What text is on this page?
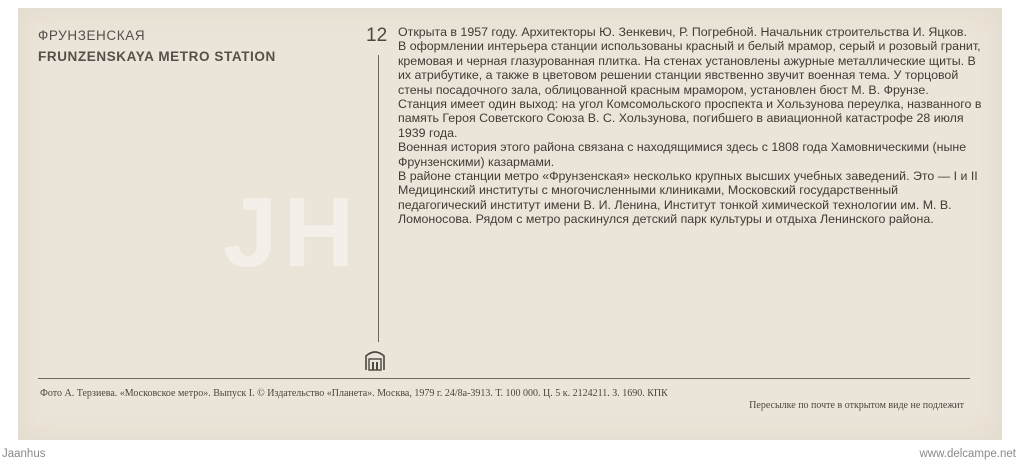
ФРУНЗЕНСКАЯ
FRUNZENSKAYA METRO STATION
12 Открыта в 1957 году. Архитекторы Ю. Зенкевич, Р. Погребной. Начальник строительства И. Яцков.

В оформлении интерьера станции использованы красный и белый мрамор, серый и розовый гранит, кремовая и черная глазурованная плитка. На стенах установлены ажурные металлические щиты. В их атрибутике, а также в цветовом решении станции явственно звучит военная тема. У торцовой стены посадочного зала, облицованной красным мрамором, установлен бюст М. В. Фрунзе.

Станция имеет один выход: на угол Комсомольского проспекта и Хользунова переулка, названного в память Героя Советского Союза В. С. Хользунова, погибшего в авиационной катастрофе 28 июля 1939 года.

Военная история этого района связана с находящимися здесь с 1808 года Хамовническими (ныне Фрунзенскими) казармами.

В районе станции метро «Фрунзенская» несколько крупных высших учебных заведений. Это — I и II Медицинский институты с многочисленными клиниками, Московский государственный педагогический институт имени В. И. Ленина, Институт тонкой химической технологии им. М. В. Ломоносова. Рядом с метро раскинулся детский парк культуры и отдыха Ленинского района.

JH
Фото А. Терзиева. «Московское метро». Выпуск I. © Издательство «Планета». Москва, 1979 г. 24/8а-3913. Т. 100 000. Ц. 5 к. 2124211. З. 1690. КПК
Пересылке по почте в открытом виде не подлежит
Jaanhus	www.delcampe.net
